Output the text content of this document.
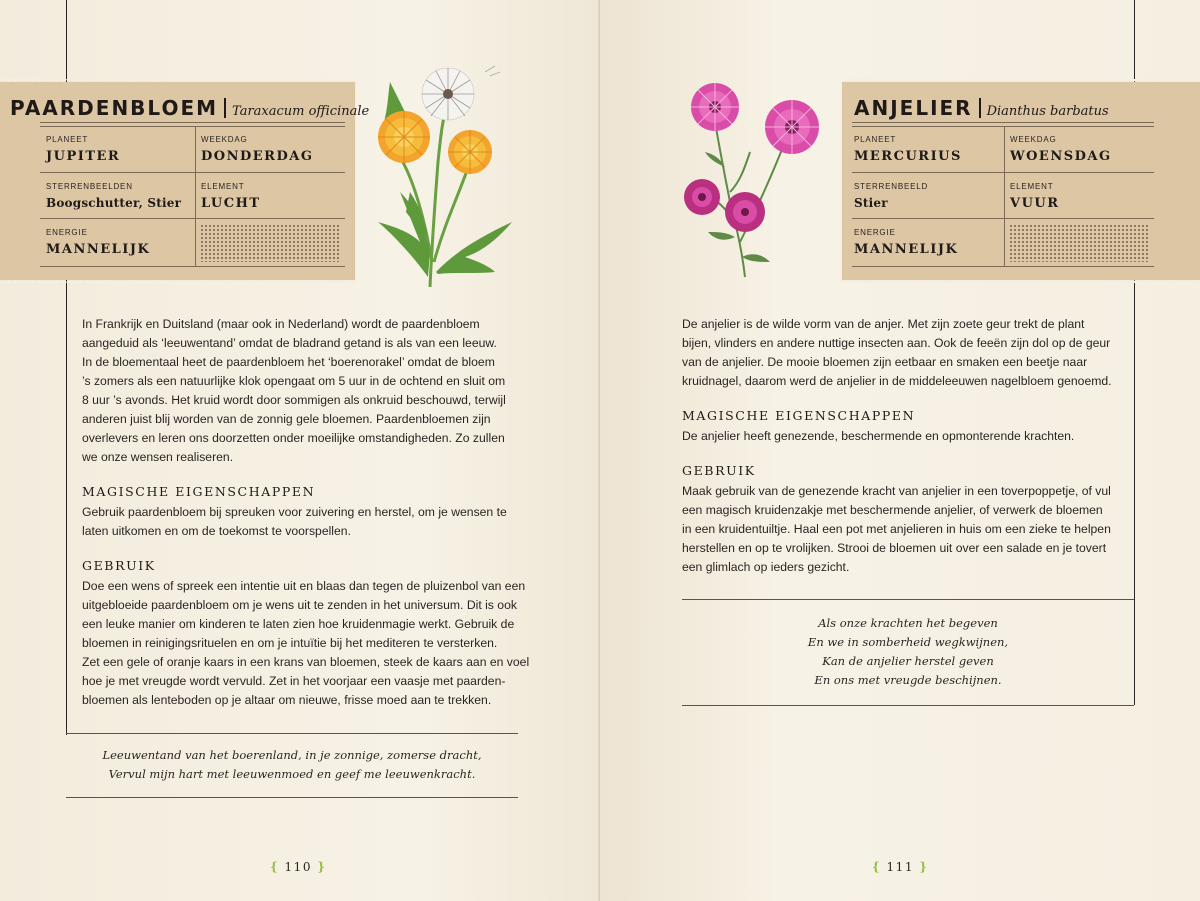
PAARDENBLOEM Taraxacum officinale
PLANEET
JUPITER
WEEKDAG
DONDERDAG
STERRENBEELDEN
Boogschutter, Stier
ELEMENT
LUCHT
ENERGIE
MANNELIJK

In Frankrijk en Duitsland (maar ook in Nederland) wordt de paardenbloem

aangeduid als ‘leeuwentand’ omdat de bladrand getand is als van een leeuw.

In de bloementaal heet de paardenbloem het ‘boerenorakel’ omdat de bloem

’s zomers als een natuurlijke klok opengaat om 5 uur in de ochtend en sluit om

8 uur ’s avonds. Het kruid wordt door sommigen als onkruid beschouwd, terwijl

anderen juist blij worden van de zonnig gele bloemen. Paardenbloemen zijn

overlevers en leren ons doorzetten onder moeilijke omstandigheden. Zo zullen

we onze wensen realiseren.

MAGISCHE EIGENSCHAPPEN

Gebruik paardenbloem bij spreuken voor zuivering en herstel, om je wensen te

laten uitkomen en om de toekomst te voorspellen.

GEBRUIK

Doe een wens of spreek een intentie uit en blaas dan tegen de pluizenbol van een

uitgebloeide paardenbloem om je wens uit te zenden in het universum. Dit is ook

een leuke manier om kinderen te laten zien hoe kruidenmagie werkt. Gebruik de

bloemen in reinigingsrituelen en om je intuïtie bij het mediteren te versterken.

Zet een gele of oranje kaars in een krans van bloemen, steek de kaars aan en voel

hoe je met vreugde wordt vervuld. Zet in het voorjaar een vaasje met paarden-

bloemen als lenteboden op je altaar om nieuwe, frisse moed aan te trekken.

Leeuwentand van het boerenland, in je zonnige, zomerse dracht,

Vervul mijn hart met leeuwenmoed en geef me leeuwenkracht.

{ 110 }
ANJELIER Dianthus barbatus
PLANEET
MERCURIUS
WEEKDAG
WOENSDAG
STERRENBEELD
Stier
ELEMENT
VUUR
ENERGIE
MANNELIJK

De anjelier is de wilde vorm van de anjer. Met zijn zoete geur trekt de plant

bijen, vlinders en andere nuttige insecten aan. Ook de feeën zijn dol op de geur

van de anjelier. De mooie bloemen zijn eetbaar en smaken een beetje naar

kruidnagel, daarom werd de anjelier in de middeleeuwen nagelbloem genoemd.

MAGISCHE EIGENSCHAPPEN

De anjelier heeft genezende, beschermende en opmonterende krachten.

GEBRUIK

Maak gebruik van de genezende kracht van anjelier in een toverpoppetje, of vul

een magisch kruidenzakje met beschermende anjelier, of verwerk de bloemen

in een kruidentuiltje. Haal een pot met anjelieren in huis om een zieke te helpen

herstellen en op te vrolijken. Strooi de bloemen uit over een salade en je tovert

een glimlach op ieders gezicht.

Als onze krachten het begeven

En we in somberheid wegkwijnen,

Kan de anjelier herstel geven

En ons met vreugde beschijnen.

{ 111 }
